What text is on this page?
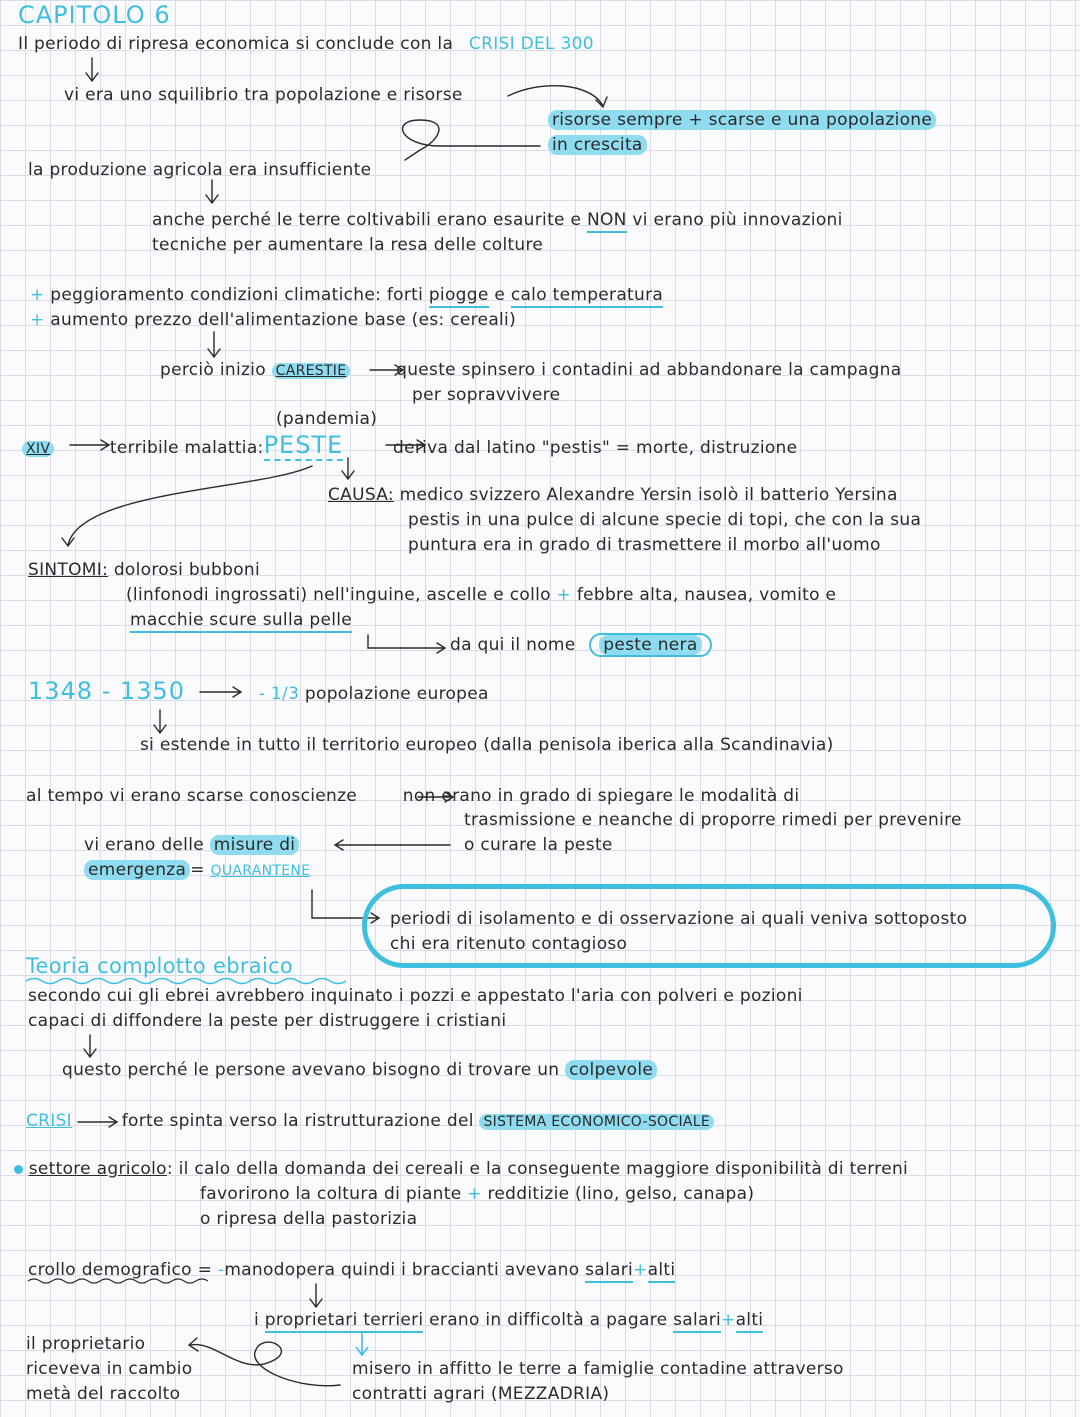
CAPITOLO 6
Il periodo di ripresa economica si conclude con la CRISI DEL 300
vi era uno squilibrio tra popolazione e risorse
risorse sempre + scarse e una popolazione
in crescita
la produzione agricola era insufficiente
anche perché le terre coltivabili erano esaurite e NON vi erano più innovazioni
tecniche per aumentare la resa delle colture
+ peggioramento condizioni climatiche: forti piogge e calo temperatura
+ aumento prezzo dell'alimentazione base (es: cereali)
perciò inizio CARESTIE	queste spinsero i contadini ad abbandonare la campagna
per sopravvivere
(pandemia)
XIV	terribile malattia:PESTE	deriva dal latino "pestis" = morte, distruzione
CAUSA: medico svizzero Alexandre Yersin isolò il batterio Yersina
pestis in una pulce di alcune specie di topi, che con la sua
puntura era in grado di trasmettere il morbo all'uomo
SINTOMI: dolorosi bubboni
(linfonodi ingrossati) nell'inguine, ascelle e collo + febbre alta, nausea, vomito e
macchie scure sulla pelle
da qui il nome peste nera
1348 - 1350	- 1/3 popolazione europea
si estende in tutto il territorio europeo (dalla penisola iberica alla Scandinavia)
al tempo vi erano scarse conoscienze	non erano in grado di spiegare le modalità di
trasmissione e neanche di proporre rimedi per prevenire
o curare la peste
vi erano delle misure di
emergenza = QUARANTENE
periodi di isolamento e di osservazione ai quali veniva sottoposto
chi era ritenuto contagioso
Teoria complotto ebraico
secondo cui gli ebrei avrebbero inquinato i pozzi e appestato l'aria con polveri e pozioni
capaci di diffondere la peste per distruggere i cristiani
questo perché le persone avevano bisogno di trovare un colpevole
CRISI	forte spinta verso la ristrutturazione del SISTEMA ECONOMICO-SOCIALE
settore agricolo: il calo della domanda dei cereali e la conseguente maggiore disponibilità di terreni
favorirono la coltura di piante + redditizie (lino, gelso, canapa)
o ripresa della pastorizia
crollo demografico = -manodopera quindi i braccianti avevano salari+alti
i proprietari terrieri erano in difficoltà a pagare salari+alti
il proprietario
riceveva in cambio
metà del raccolto
misero in affitto le terre a famiglie contadine attraverso
contratti agrari (MEZZADRIA)
